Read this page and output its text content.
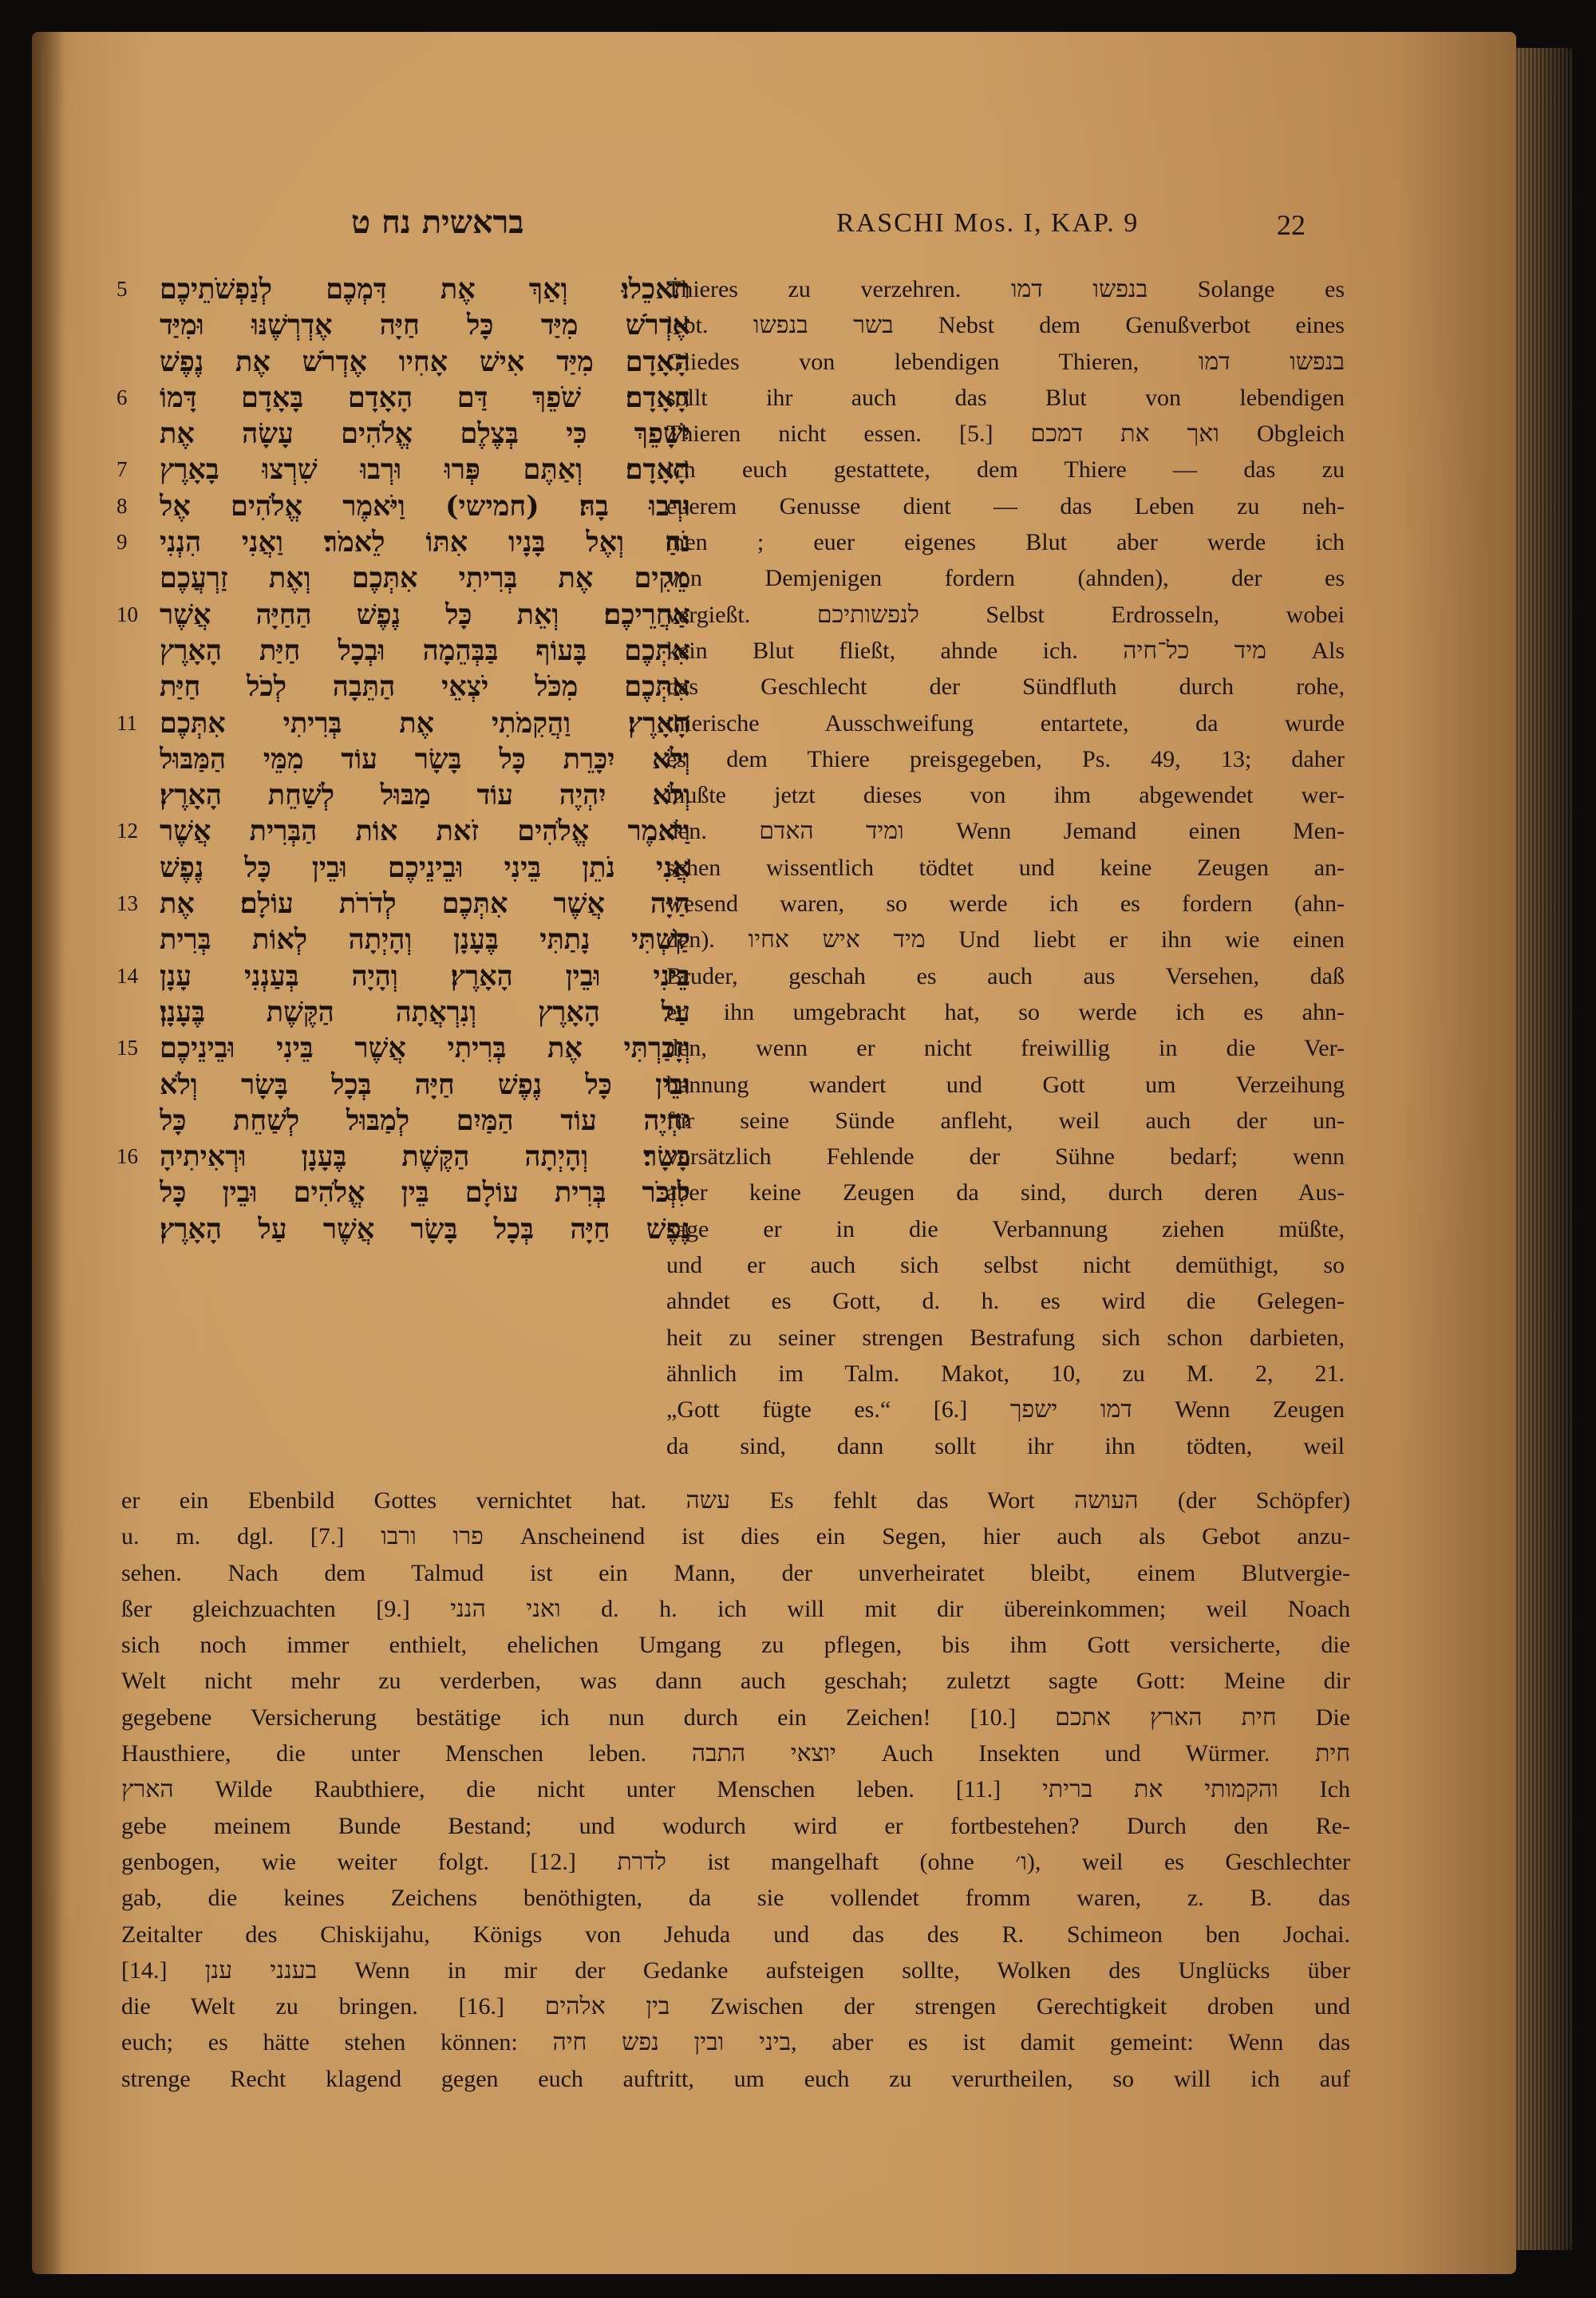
בראשית נח ט	RASCHI Mos. I, KAP. 9	22
5 תֹאכֵלוּ׃ וְאַךְ אֶת דִּמְכֶם לְנַפְשֹׁתֵיכֶם
אֶדְרֹשׁ מִיַּד כָּל חַיָּה אֶדְרְשֶׁנּוּ וּמִיַּד
הָאָדָם מִיַּד אִישׁ אָחִיו אֶדְרֹשׁ אֶת נֶפֶשׁ
6 הָאָדָם׃ שֹׁפֵךְ דַּם הָאָדָם בָּאָדָם דָּמוֹ
יִשָּׁפֵךְ כִּי בְּצֶלֶם אֱלֹהִים עָשָׂה אֶת
7 הָאָדָם׃ וְאַתֶּם פְּרוּ וּרְבוּ שִׁרְצוּ בָאָרֶץ
8 וּרְבוּ בָהּ׃ (חמישי) וַיֹּאמֶר אֱלֹהִים אֶל
9 נֹחַ וְאֶל בָּנָיו אִתּוֹ לֵאמֹר׃ וַאֲנִי הִנְנִי
מֵקִים אֶת בְּרִיתִי אִתְּכֶם וְאֶת זַרְעֲכֶם
10 אַחֲרֵיכֶם׃ וְאֵת כָּל נֶפֶשׁ הַחַיָּה אֲשֶׁר
אִתְּכֶם בָּעוֹף בַּבְּהֵמָה וּבְכָל חַיַּת הָאָרֶץ
אִתְּכֶם מִכֹּל יֹצְאֵי הַתֵּבָה לְכֹל חַיַּת
11 הָאָרֶץ׃ וַהֲקִמֹתִי אֶת בְּרִיתִי אִתְּכֶם
וְלֹא יִכָּרֵת כָּל בָּשָׂר עוֹד מִמֵּי הַמַּבּוּל
וְלֹא יִהְיֶה עוֹד מַבּוּל לְשַׁחֵת הָאָרֶץ׃
12 וַיֹּאמֶר אֱלֹהִים זֹאת אוֹת הַבְּרִית אֲשֶׁר
אֲנִי נֹתֵן בֵּינִי וּבֵינֵיכֶם וּבֵין כָּל נֶפֶשׁ
13 חַיָּה אֲשֶׁר אִתְּכֶם לְדֹרֹת עוֹלָם׃ אֶת
קַשְׁתִּי נָתַתִּי בֶּעָנָן וְהָיְתָה לְאוֹת בְּרִית
14 בֵּינִי וּבֵין הָאָרֶץ׃ וְהָיָה בְּעַנְנִי עָנָן
עַל הָאָרֶץ וְנִרְאֲתָה הַקֶּשֶׁת בֶּעָנָן׃
15 וְזָכַרְתִּי אֶת בְּרִיתִי אֲשֶׁר בֵּינִי וּבֵינֵיכֶם
וּבֵין כָּל נֶפֶשׁ חַיָּה בְּכָל בָּשָׂר וְלֹא
יִהְיֶה עוֹד הַמַּיִם לְמַבּוּל לְשַׁחֵת כָּל
16 בָּשָׂר׃ וְהָיְתָה הַקֶּשֶׁת בֶּעָנָן וּרְאִיתִיהָ
לִזְכֹּר בְּרִית עוֹלָם בֵּין אֱלֹהִים וּבֵין כָּל
נֶפֶשׁ חַיָּה בְּכָל בָּשָׂר אֲשֶׁר עַל הָאָרֶץ׃
Thieres zu verzehren. בנפשו דמו Solange es
lebt. בשר בנפשו Nebst dem Genußverbot eines
Gliedes von lebendigen Thieren, בנפשו דמו
sollt ihr auch das Blut von lebendigen
Thieren nicht essen. [5.] ואך את דמכם Obgleich
ich euch gestattete, dem Thiere — das zu
euerem Genusse dient — das Leben zu neh-
men ; euer eigenes Blut aber werde ich
von Demjenigen fordern (ahnden), der es
vergießt. לנפשותיכם Selbst Erdrosseln, wobei
kein Blut fließt, ahnde ich. מיד כל־חיה Als
das Geschlecht der Sündfluth durch rohe,
thierische Ausschweifung entartete, da wurde
es dem Thiere preisgegeben, Ps. 49, 13; daher
mußte jetzt dieses von ihm abgewendet wer-
den. ומיד האדם Wenn Jemand einen Men-
schen wissentlich tödtet und keine Zeugen an-
wesend waren, so werde ich es fordern (ahn-
den). מיד איש אחיו Und liebt er ihn wie einen
Bruder, geschah es auch aus Versehen, daß
er ihn umgebracht hat, so werde ich es ahn-
den, wenn er nicht freiwillig in die Ver-
bannung wandert und Gott um Verzeihung
für seine Sünde anfleht, weil auch der un-
vorsätzlich Fehlende der Sühne bedarf; wenn
aber keine Zeugen da sind, durch deren Aus-
sage er in die Verbannung ziehen müßte,
und er auch sich selbst nicht demüthigt, so
ahndet es Gott, d. h. es wird die Gelegen-
heit zu seiner strengen Bestrafung sich schon darbieten,
ähnlich im Talm. Makot, 10, zu M. 2, 21.
„Gott fügte es.“ [6.] דמו ישפך Wenn Zeugen
da sind, dann sollt ihr ihn tödten, weil
er ein Ebenbild Gottes vernichtet hat. עשה Es fehlt das Wort העושה (der Schöpfer)
u. m. dgl. [7.] פרו ורבו Anscheinend ist dies ein Segen, hier auch als Gebot anzu-
sehen. Nach dem Talmud ist ein Mann, der unverheiratet bleibt, einem Blutvergie-
ßer gleichzuachten [9.] ואני הנני d. h. ich will mit dir übereinkommen; weil Noach
sich noch immer enthielt, ehelichen Umgang zu pflegen, bis ihm Gott versicherte, die
Welt nicht mehr zu verderben, was dann auch geschah; zuletzt sagte Gott: Meine dir
gegebene Versicherung bestätige ich nun durch ein Zeichen! [10.] חית הארץ אתכם Die
Hausthiere, die unter Menschen leben. יוצאי התבה Auch Insekten und Würmer. חית
הארץ Wilde Raubthiere, die nicht unter Menschen leben. [11.] והקמותי את בריתי Ich
gebe meinem Bunde Bestand; und wodurch wird er fortbestehen? Durch den Re-
genbogen, wie weiter folgt. [12.] לדרת ist mangelhaft (ohne ו׳), weil es Geschlechter
gab, die keines Zeichens benöthigten, da sie vollendet fromm waren, z. B. das
Zeitalter des Chiskijahu, Königs von Jehuda und das des R. Schimeon ben Jochai.
[14.] בענני ענן Wenn in mir der Gedanke aufsteigen sollte, Wolken des Unglücks über
die Welt zu bringen. [16.] בין אלהים Zwischen der strengen Gerechtigkeit droben und
euch; es hätte stehen können: ביני ובין נפש חיה, aber es ist damit gemeint: Wenn das
strenge Recht klagend gegen euch auftritt, um euch zu verurtheilen, so will ich auf
